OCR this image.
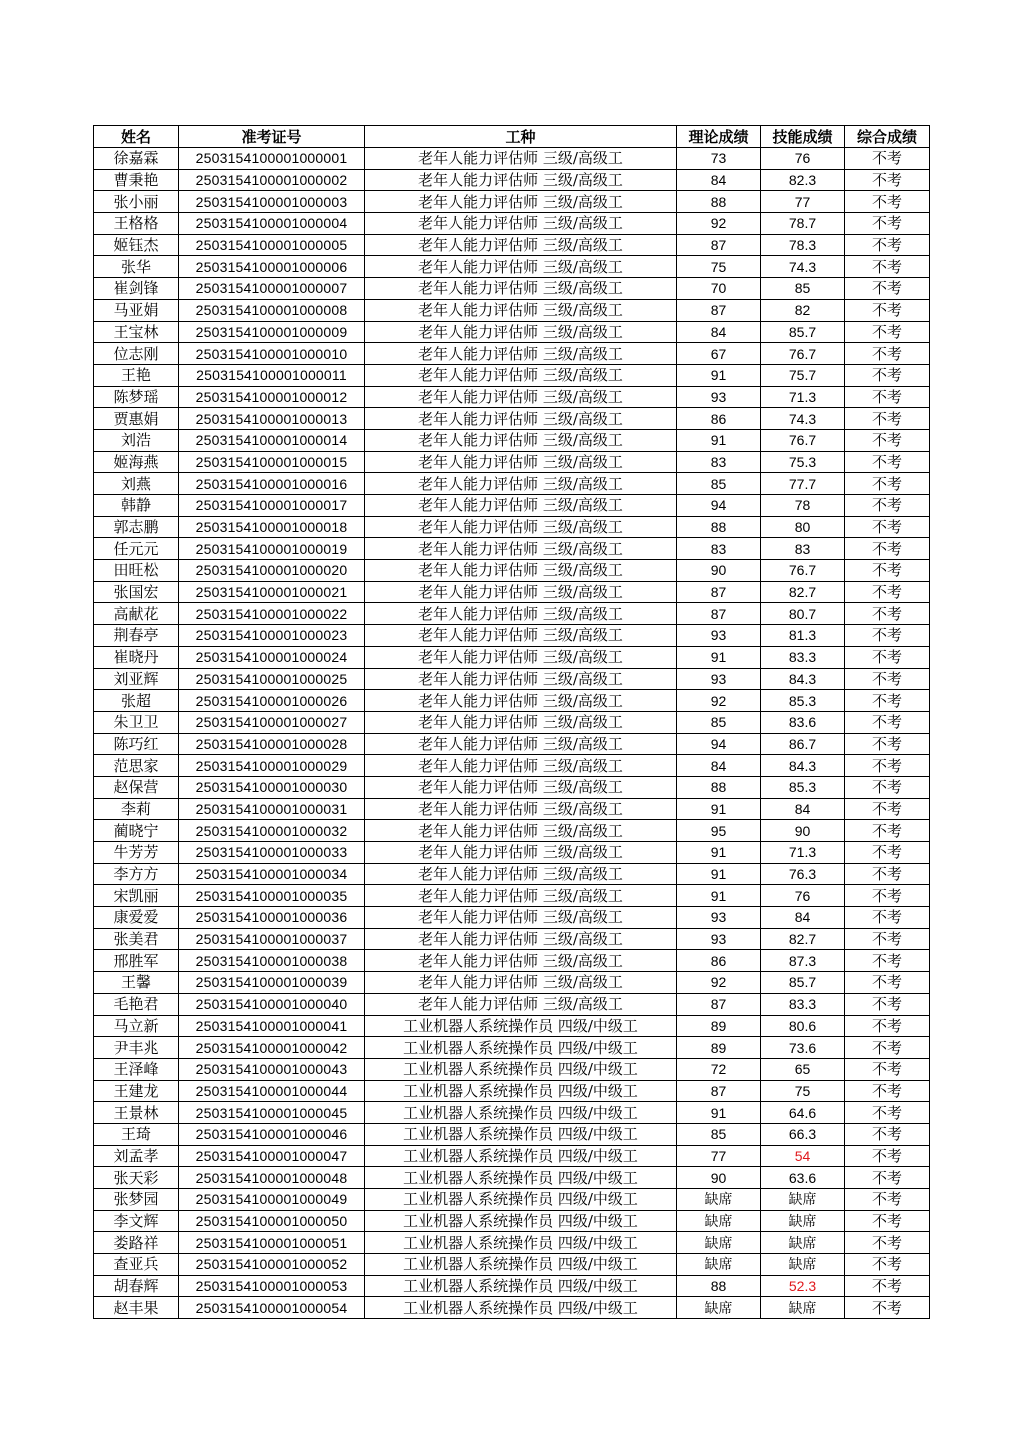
姓名	准考证号	工种	理论成绩	技能成绩	综合成绩
徐嘉霖	2503154100001000001	老年人能力评估师 三级/高级工	73	76	不考
曹秉艳	2503154100001000002	老年人能力评估师 三级/高级工	84	82.3	不考
张小丽	2503154100001000003	老年人能力评估师 三级/高级工	88	77	不考
王格格	2503154100001000004	老年人能力评估师 三级/高级工	92	78.7	不考
姬钰杰	2503154100001000005	老年人能力评估师 三级/高级工	87	78.3	不考
张华	2503154100001000006	老年人能力评估师 三级/高级工	75	74.3	不考
崔剑锋	2503154100001000007	老年人能力评估师 三级/高级工	70	85	不考
马亚娟	2503154100001000008	老年人能力评估师 三级/高级工	87	82	不考
王宝林	2503154100001000009	老年人能力评估师 三级/高级工	84	85.7	不考
位志刚	2503154100001000010	老年人能力评估师 三级/高级工	67	76.7	不考
王艳	2503154100001000011	老年人能力评估师 三级/高级工	91	75.7	不考
陈梦瑶	2503154100001000012	老年人能力评估师 三级/高级工	93	71.3	不考
贾惠娟	2503154100001000013	老年人能力评估师 三级/高级工	86	74.3	不考
刘浩	2503154100001000014	老年人能力评估师 三级/高级工	91	76.7	不考
姬海燕	2503154100001000015	老年人能力评估师 三级/高级工	83	75.3	不考
刘燕	2503154100001000016	老年人能力评估师 三级/高级工	85	77.7	不考
韩静	2503154100001000017	老年人能力评估师 三级/高级工	94	78	不考
郭志鹏	2503154100001000018	老年人能力评估师 三级/高级工	88	80	不考
任元元	2503154100001000019	老年人能力评估师 三级/高级工	83	83	不考
田旺松	2503154100001000020	老年人能力评估师 三级/高级工	90	76.7	不考
张国宏	2503154100001000021	老年人能力评估师 三级/高级工	87	82.7	不考
高献花	2503154100001000022	老年人能力评估师 三级/高级工	87	80.7	不考
荆春亭	2503154100001000023	老年人能力评估师 三级/高级工	93	81.3	不考
崔晓丹	2503154100001000024	老年人能力评估师 三级/高级工	91	83.3	不考
刘亚辉	2503154100001000025	老年人能力评估师 三级/高级工	93	84.3	不考
张超	2503154100001000026	老年人能力评估师 三级/高级工	92	85.3	不考
朱卫卫	2503154100001000027	老年人能力评估师 三级/高级工	85	83.6	不考
陈巧红	2503154100001000028	老年人能力评估师 三级/高级工	94	86.7	不考
范思家	2503154100001000029	老年人能力评估师 三级/高级工	84	84.3	不考
赵保营	2503154100001000030	老年人能力评估师 三级/高级工	88	85.3	不考
李莉	2503154100001000031	老年人能力评估师 三级/高级工	91	84	不考
蔺晓宁	2503154100001000032	老年人能力评估师 三级/高级工	95	90	不考
牛芳芳	2503154100001000033	老年人能力评估师 三级/高级工	91	71.3	不考
李方方	2503154100001000034	老年人能力评估师 三级/高级工	91	76.3	不考
宋凯丽	2503154100001000035	老年人能力评估师 三级/高级工	91	76	不考
康爱爱	2503154100001000036	老年人能力评估师 三级/高级工	93	84	不考
张美君	2503154100001000037	老年人能力评估师 三级/高级工	93	82.7	不考
邢胜军	2503154100001000038	老年人能力评估师 三级/高级工	86	87.3	不考
王馨	2503154100001000039	老年人能力评估师 三级/高级工	92	85.7	不考
毛艳君	2503154100001000040	老年人能力评估师 三级/高级工	87	83.3	不考
马立新	2503154100001000041	工业机器人系统操作员 四级/中级工	89	80.6	不考
尹丰兆	2503154100001000042	工业机器人系统操作员 四级/中级工	89	73.6	不考
王泽峰	2503154100001000043	工业机器人系统操作员 四级/中级工	72	65	不考
王建龙	2503154100001000044	工业机器人系统操作员 四级/中级工	87	75	不考
王景林	2503154100001000045	工业机器人系统操作员 四级/中级工	91	64.6	不考
王琦	2503154100001000046	工业机器人系统操作员 四级/中级工	85	66.3	不考
刘孟孝	2503154100001000047	工业机器人系统操作员 四级/中级工	77	54	不考
张天彩	2503154100001000048	工业机器人系统操作员 四级/中级工	90	63.6	不考
张梦园	2503154100001000049	工业机器人系统操作员 四级/中级工	缺席	缺席	不考
李文辉	2503154100001000050	工业机器人系统操作员 四级/中级工	缺席	缺席	不考
娄路祥	2503154100001000051	工业机器人系统操作员 四级/中级工	缺席	缺席	不考
查亚兵	2503154100001000052	工业机器人系统操作员 四级/中级工	缺席	缺席	不考
胡春辉	2503154100001000053	工业机器人系统操作员 四级/中级工	88	52.3	不考
赵丰果	2503154100001000054	工业机器人系统操作员 四级/中级工	缺席	缺席	不考
